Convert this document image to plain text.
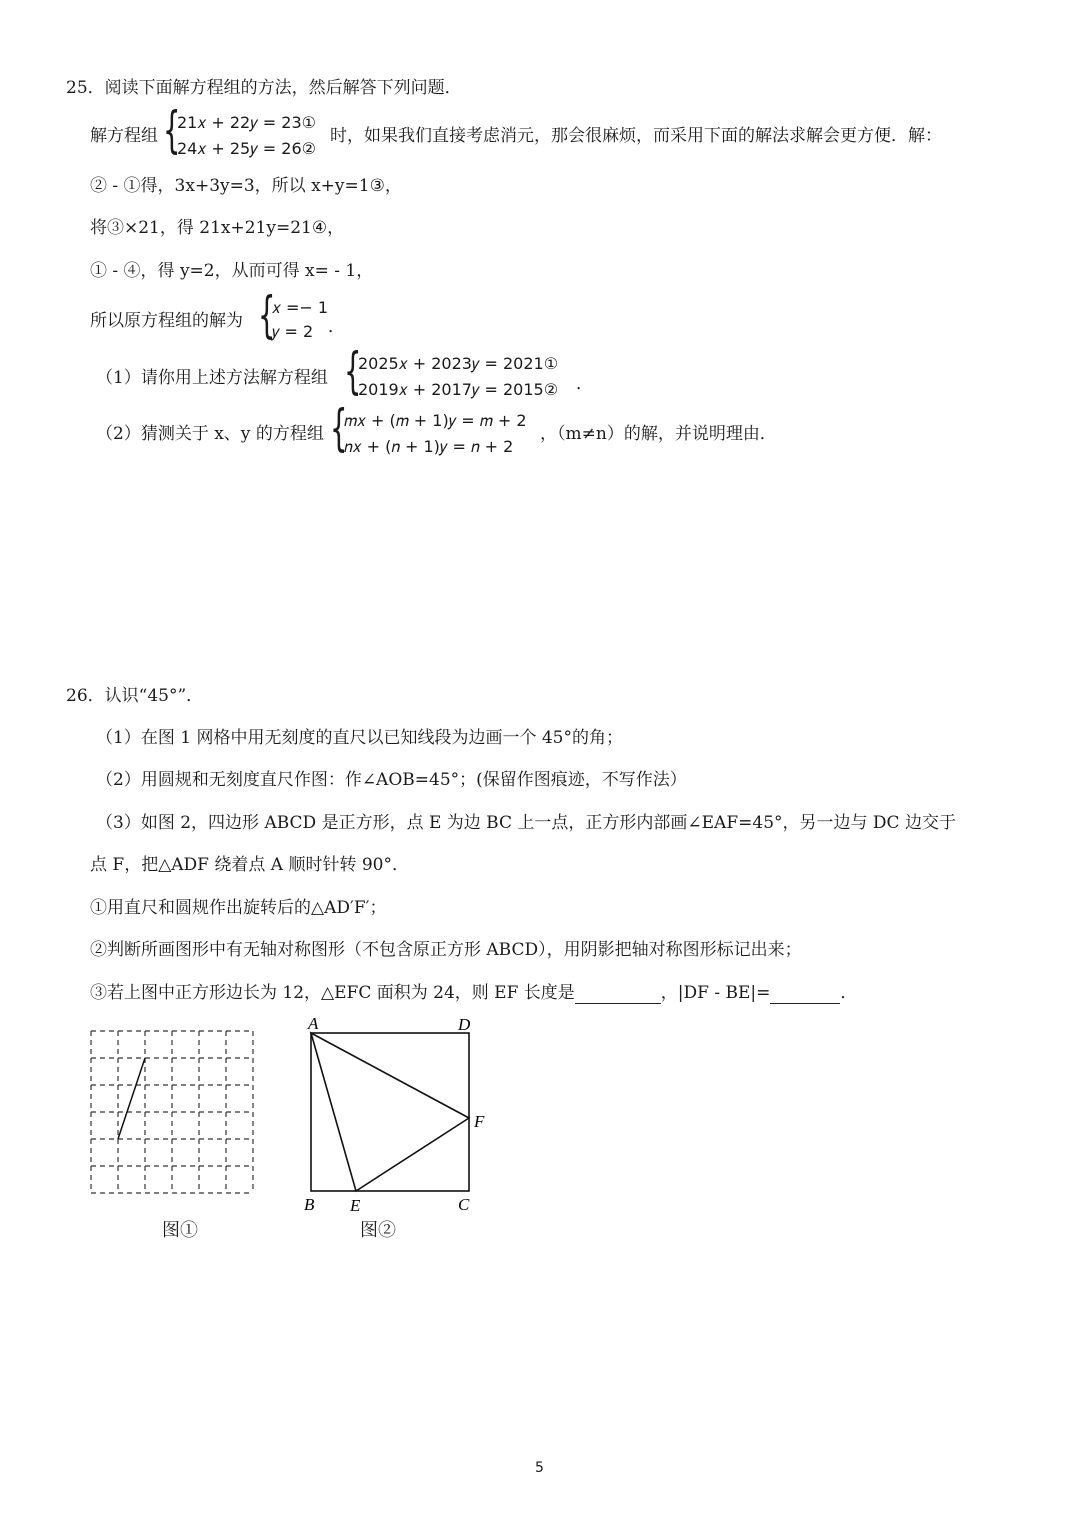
25．阅读下面解方程组的方法，然后解答下列问题．
解方程组 {
21𝑥 + 22𝑦 = 23①
24𝑥 + 25𝑦 = 26②
时，如果我们直接考虑消元，那会很麻烦，而采用下面的解法求解会更方便．解：
② - ①得，3x+3y=3，所以 x+y=1③，
将③×21，得 21x+21y=21④，
① - ④，得 y=2，从而可得 x= - 1，
所以原方程组的解为 {
𝑥 =− 1
𝑦 = 2 ．
（1）请你用上述方法解方程组 {
2025𝑥 + 2023𝑦 = 2021①
2019𝑥 + 2017𝑦 = 2015② ．
（2）猜测关于 x、y 的方程组 {
𝑚𝑥 + (𝑚 + 1)𝑦 = 𝑚 + 2
𝑛𝑥 + (𝑛 + 1)𝑦 = 𝑛 + 2
，（m≠n）的解，并说明理由．
26．认识“45°”．
（1）在图 1 网格中用无刻度的直尺以已知线段为边画一个 45°的角；
（2）用圆规和无刻度直尺作图：作∠AOB=45°；(保留作图痕迹，不写作法）
（3）如图 2，四边形 ABCD 是正方形，点 E 为边 BC 上一点，正方形内部画∠EAF=45°，另一边与 DC 边交于
点 F，把△ADF 绕着点 A 顺时针转 90°．
①用直尺和圆规作出旋转后的△AD′F′；
②判断所画图形中有无轴对称图形（不包含原正方形 ABCD），用阴影把轴对称图形标记出来；
③若上图中正方形边长为 12，△EFC 面积为 24，则 EF 长度是	，|DF - BE|=	．
图①
A	D
F
B E	C
图②
5
